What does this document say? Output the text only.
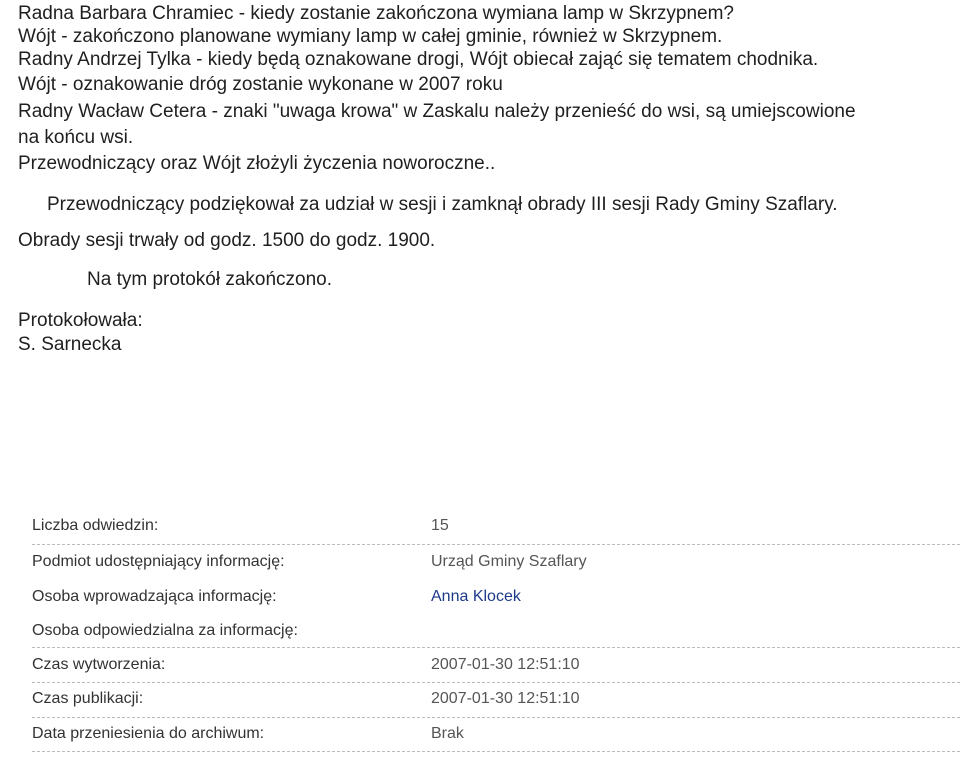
Radna Barbara Chramiec - kiedy zostanie zakończona wymiana lamp w Skrzypnem?
Wójt - zakończono planowane wymiany lamp w całej gminie, również w Skrzypnem.
Radny Andrzej Tylka - kiedy będą oznakowane drogi, Wójt obiecał zająć się tematem chodnika.
Wójt - oznakowanie dróg zostanie wykonane w 2007 roku
Radny Wacław Cetera - znaki "uwaga krowa" w Zaskalu należy przenieść do wsi, są umiejscowione
na końcu wsi.
Przewodniczący oraz Wójt złożyli życzenia noworoczne..
Przewodniczący podziękował za udział w sesji i zamknął obrady III sesji Rady Gminy Szaflary.
Obrady sesji trwały od godz. 1500 do godz. 1900.
Na tym protokół zakończono.
Protokołowała:
S. Sarnecka
Liczba odwiedzin:	15
Podmiot udostępniający informację:	Urząd Gminy Szaflary
Osoba wprowadzająca informację:	Anna Klocek
Osoba odpowiedzialna za informację:
Czas wytworzenia:	2007-01-30 12:51:10
Czas publikacji:	2007-01-30 12:51:10
Data przeniesienia do archiwum:	Brak
